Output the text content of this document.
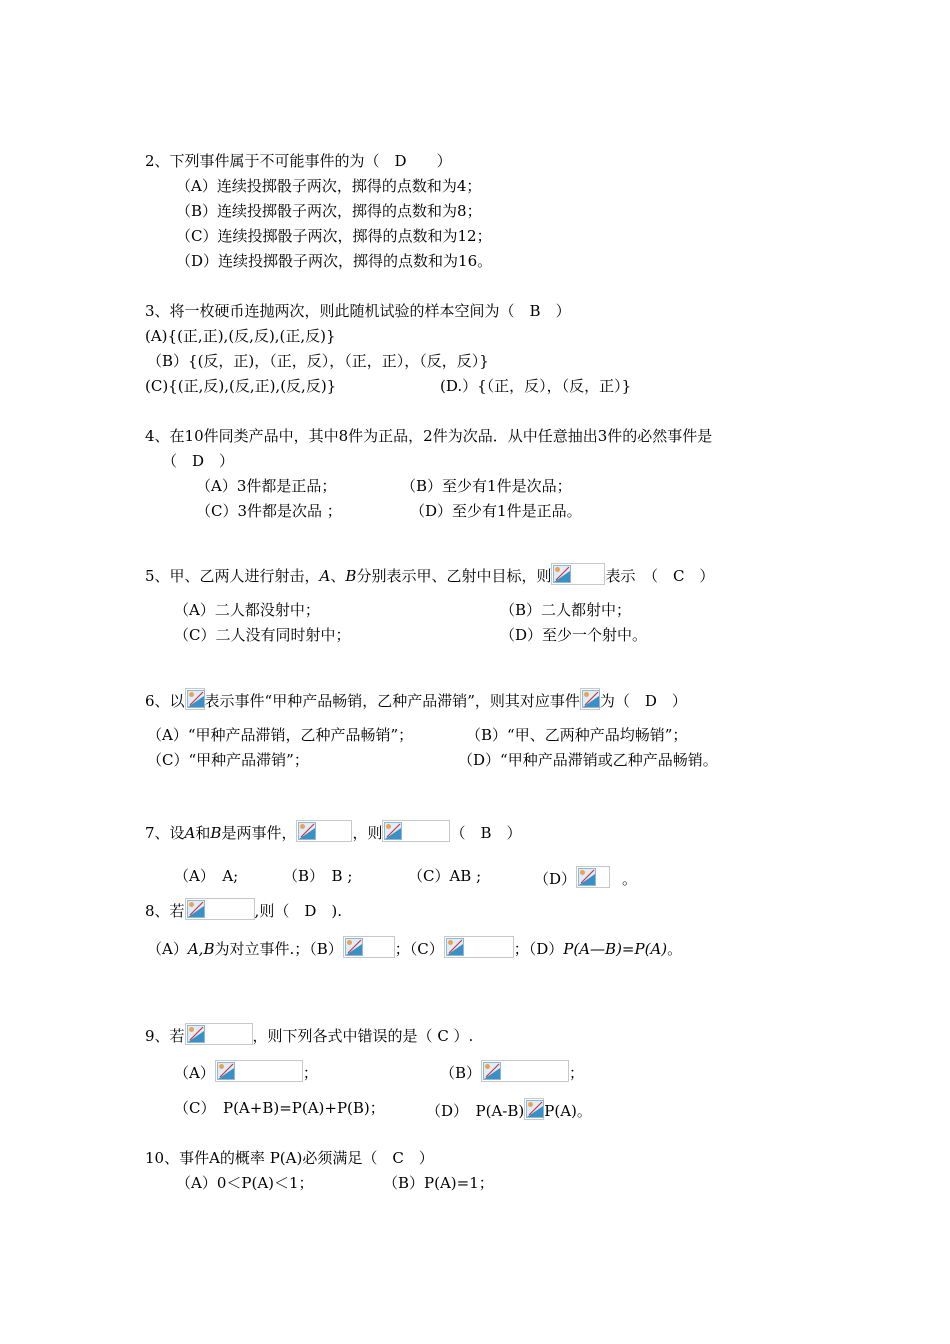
2、下列事件属于不可能事件的为（　D　　）
（A）连续投掷骰子两次，掷得的点数和为4；
（B）连续投掷骰子两次，掷得的点数和为8；
（C）连续投掷骰子两次，掷得的点数和为12；
（D）连续投掷骰子两次，掷得的点数和为16。
3、将一枚硬币连抛两次，则此随机试验的样本空间为（　B　）
(A){(正,正),(反,反),(正,反)}
（B）{(反，正)，（正，反），（正，正），（反，反）}
(C){(正,反),(反,正),(反,反)}	(D.）{（正，反），（反，正）}
4、在10件同类产品中，其中8件为正品，2件为次品．从中任意抽出3件的必然事件是
（　D　）
（A）3件都是正品；	（B）至少有1件是次品；
（C）3件都是次品 ；	（D）至少有1件是正品。
5、甲、乙两人进行射击，A、B分别表示甲、乙射中目标，则	表示　（　C　）
（A）二人都没射中；	（B）二人都射中；
（C）二人没有同时射中；	（D）至少一个射中。
6、以 表示事件“甲种产品畅销，乙种产品滞销”，则其对应事件 为（　D　）
（A）“甲种产品滞销，乙种产品畅销”；	（B）“甲、乙两种产品均畅销”；
（C）“甲种产品滞销”；	（D）“甲种产品滞销或乙种产品畅销。
7、设A和B是两事件，	，则	（　B　）
（A）　A;	（B）　B ;	（C）AB ;	（D）	。
8、若	,则（　D　).
（A）A,B为对立事件.；（B）	；（C）	；（D）P(A—B)=P(A)。
9、若	，则下列各式中错误的是（ C ）.
（A）	；	（B）	；
（C）　P(A+B)=P(A)+P(B)；	（D）　P(A-B) P(A)。
10、事件A的概率 P(A)必须满足（　C　）
（A）0＜P(A)＜1；	（B）P(A)=1；
